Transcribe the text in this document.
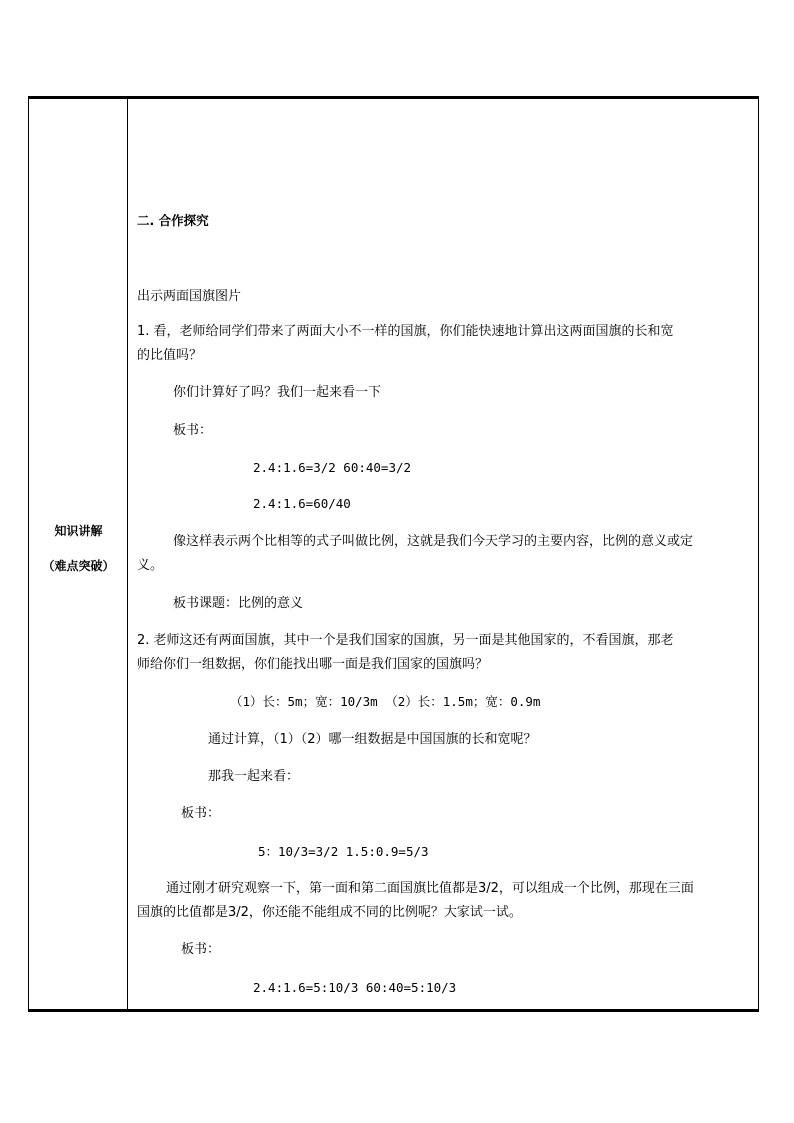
知识讲解
（难点突破）
二. 合作探究
出示两面国旗图片
1. 看，老师给同学们带来了两面大小不一样的国旗，你们能快速地计算出这两面国旗的长和宽
的比值吗？
你们计算好了吗？我们一起来看一下
板书：
2.4:1.6=3/2 60:40=3/2
2.4:1.6=60/40
像这样表示两个比相等的式子叫做比例，这就是我们今天学习的主要内容，比例的意义或定
义。
板书课题：比例的意义
2. 老师这还有两面国旗，其中一个是我们国家的国旗，另一面是其他国家的，不看国旗，那老
师给你们一组数据，你们能找出哪一面是我们国家的国旗吗？
（1）长：5m；宽：10/3m （2）长：1.5m；宽：0.9m
通过计算，（1）（2）哪一组数据是中国国旗的长和宽呢？
那我一起来看：
板书：
5：10/3=3/2 1.5:0.9=5/3
通过刚才研究观察一下，第一面和第二面国旗比值都是3/2，可以组成一个比例，那现在三面
国旗的比值都是3/2，你还能不能组成不同的比例呢？大家试一试。
板书：
2.4:1.6=5:10/3 60:40=5:10/3
